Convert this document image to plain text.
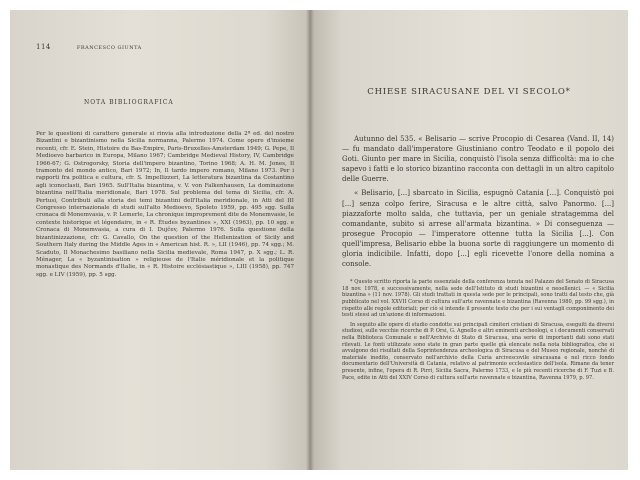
114	FRANCESCO GIUNTA
NOTA BIBLIOGRAFICA
Per le questioni di carattere generale si rinvia alla introduzione della 2ª ed. del nostro Bizantini e bizantinismo nella Sicilia normanna, Palermo 1974. Come opere d'insieme recenti, cfr. E. Stein, Histoire du Bas-Empire, Paris-Bruxelles-Amsterdam 1949; G. Pepe, Il Medioevo barbarico in Europa, Milano 1967; Cambridge Medieval History, IV, Cambridge 1966-67; G. Ostrogorsky, Storia dell'impero bizantino, Torino 1968; A. H. M. Jones, Il tramonto del mondo antico, Bari 1972; In, Il tardo impero romano, Milano 1973. Per i rapporti fra politica e cultura, cfr. S. Impellizzeri, La letteratura bizantina da Costantino agli iconoclasti, Bari 1965. Sull'Italia bizantina, v. V. von Falkenhausen, La dominazione bizantina nell'Italia meridionale, Bari 1978. Sul problema del tema di Sicilia, cfr. A. Pertusi, Contributi alla storia dei temi bizantini dell'Italia meridionale, in Atti del III Congresso internazionale di studi sull'alto Medioevo, Spoleto 1959, pp. 495 sgg. Sulla cronaca di Monemvasia, v. P. Lemerle, La chronique improprement dite de Monemvasie, le contexte historique et légendaire, in « R. Études byzantines », XXI (1963), pp. 10 sgg. e Cronaca di Monemvasia, a cura di I. Dujčev, Palermo 1976. Sulla questione della bizantinizzazione, cfr. G. Cavallo, On the question of the Hellenization of Sicily and Southern Italy during the Middle Ages in « American hist. R. », LII (1946), pp. 74 sgg.; M. Scaduto, Il Monachesimo basiliano nella Sicilia medievale, Roma 1947, p. X sgg.; L. R. Ménager, La « byzantinisation » religieuse de l'Italie méridionale et la politique monastique des Normands d'Italie, in « R. Histoire ecclésiastique », LIII (1958), pp. 747 sgg. e LIV (1959), pp. 5 sgg.
CHIESE SIRACUSANE DEL VI SECOLO*

Autunno del 535. « Belisario — scrive Procopio di Cesarea (Vand. II, 14) — fu mandato dall'imperatore Giustiniano contro Teodato e il popolo dei Goti. Giunto per mare in Sicilia, conquistò l'isola senza difficoltà: ma io che sapevo i fatti e lo storico bizantino racconta con dettagli in un altro capitolo delle Guerre.

« Belisario, [...] sbarcato in Sicilia, espugnò Catania [...]. Conquistò poi [...] senza colpo ferire, Siracusa e le altre città, salvo Panormo. [...] piazzaforte molto salda, che tuttavia, per un geniale stratagemma del comandante, subito si arrese all'armata bizantina. » Di conseguenza — prosegue Procopio — l'imperatore ottenne tutta la Sicilia [...]. Con quell'impresa, Belisario ebbe la buona sorte di raggiungere un momento di gloria indicibile. Infatti, dopo [...] egli ricevette l'onore della nomina a console.

* Questo scritto riporta la parte essenziale della conferenza tenuta nel Palazzo del Senato di Siracusa 18 nov. 1978, e successivamente, nella sede dell'Istituto di studi bizantini e neoellenici. — « Sicilia bizantina » (11 nov. 1978). Gli studi trattati in questa sede per le principali, sono tratti dal testo che, già pubblicato nel vol. XXVII Corso di cultura sull'arte ravennate e bizantina (Ravenna 1980, pp. 99 sgg.), in rispetto alle regole editoriali; per ciò si intende il presente testo che per i sui ventagli componimento dei testi stessi ad un'azione di informazioni.

In seguito alle opere di studio condotte sui principali cimiteri cristiani di Siracusa, eseguiti da diversi studiosi, sulle vecchie ricerche di P. Orsi, G. Agnello e altri eminenti archeologi, e i documenti conservati nella Biblioteca Comunale e nell'Archivio di Stato di Siracusa, una serie di importanti dati sono stati rilevati. Le fonti utilizzate sono state in gran parte quelle già elencate nella nota bibliografica, che si avvalgono dei risultati della Soprintendenza archeologica di Siracusa e del Museo regionale, nonché di materiale inedito, conservato nell'archivio della Curia arcivescovile siracusana e nel ricco fondo documentario dell'Università di Catania, relativo al patrimonio ecclesiastico dell'isola. Rimane da tener presente, infine, l'opera di R. Pirri, Sicilia Sacra, Palermo 1733, e le più recenti ricerche di F. Tuzi e B. Pace, edite in Atti del XXIV Corso di cultura sull'arte ravennate e bizantina, Ravenna 1979, p. 97.
